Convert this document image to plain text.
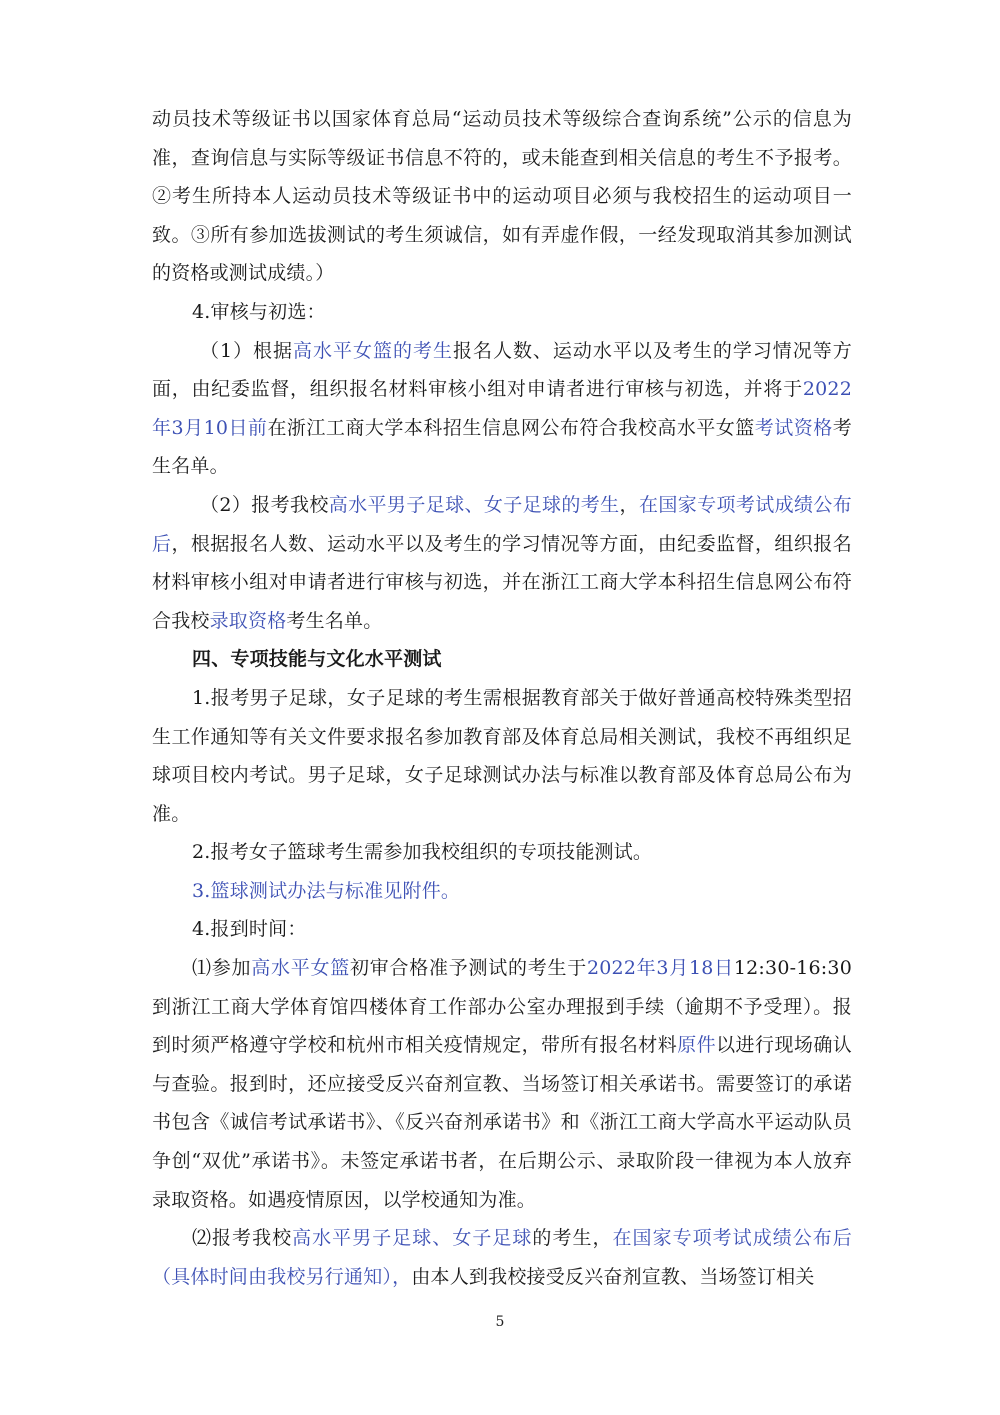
动员技术等级证书以国家体育总局“运动员技术等级综合查询系统”公示的信息为准，查询信息与实际等级证书信息不符的，或未能查到相关信息的考生不予报考。②考生所持本人运动员技术等级证书中的运动项目必须与我校招生的运动项目一致。③所有参加选拔测试的考生须诚信，如有弄虚作假，一经发现取消其参加测试的资格或测试成绩。）

4.审核与初选：

（1）根据高水平女篮的考生报名人数、运动水平以及考生的学习情况等方面，由纪委监督，组织报名材料审核小组对申请者进行审核与初选，并将于2022年3月10日前在浙江工商大学本科招生信息网公布符合我校高水平女篮考试资格考生名单。

（2）报考我校高水平男子足球、女子足球的考生，在国家专项考试成绩公布后，根据报名人数、运动水平以及考生的学习情况等方面，由纪委监督，组织报名材料审核小组对申请者进行审核与初选，并在浙江工商大学本科招生信息网公布符合我校录取资格考生名单。

四、专项技能与文化水平测试

1.报考男子足球，女子足球的考生需根据教育部关于做好普通高校特殊类型招生工作通知等有关文件要求报名参加教育部及体育总局相关测试，我校不再组织足球项目校内考试。男子足球，女子足球测试办法与标准以教育部及体育总局公布为准。

2.报考女子篮球考生需参加我校组织的专项技能测试。

3.篮球测试办法与标准见附件。

4.报到时间：

⑴参加高水平女篮初审合格准予测试的考生于2022年3月18日12:30-16:30到浙江工商大学体育馆四楼体育工作部办公室办理报到手续（逾期不予受理）。报到时须严格遵守学校和杭州市相关疫情规定，带所有报名材料原件以进行现场确认与查验。报到时，还应接受反兴奋剂宣教、当场签订相关承诺书。需要签订的承诺书包含《诚信考试承诺书》、《反兴奋剂承诺书》和《浙江工商大学高水平运动队员争创“双优”承诺书》。未签定承诺书者，在后期公示、录取阶段一律视为本人放弃录取资格。如遇疫情原因，以学校通知为准。

⑵报考我校高水平男子足球、女子足球的考生，在国家专项考试成绩公布后（具体时间由我校另行通知），由本人到我校接受反兴奋剂宣教、当场签订相关

5
